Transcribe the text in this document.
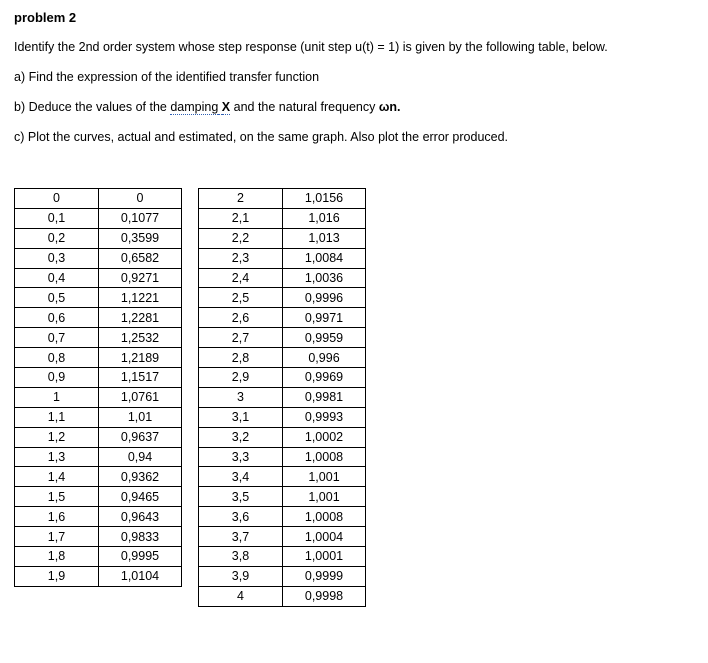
problem 2
Identify the 2nd order system whose step response (unit step u(t) = 1) is given by the following table, below.
a) Find the expression of the identified transfer function
b) Deduce the values of the damping X and the natural frequency ωn.
c) Plot the curves, actual and estimated, on the same graph. Also plot the error produced.
0	0
0,1	0,1077
0,2	0,3599
0,3	0,6582
0,4	0,9271
0,5	1,1221
0,6	1,2281
0,7	1,2532
0,8	1,2189
0,9	1,1517
1	1,0761
1,1	1,01
1,2	0,9637
1,3	0,94
1,4	0,9362
1,5	0,9465
1,6	0,9643
1,7	0,9833
1,8	0,9995
1,9	1,0104
2	1,0156
2,1	1,016
2,2	1,013
2,3	1,0084
2,4	1,0036
2,5	0,9996
2,6	0,9971
2,7	0,9959
2,8	0,996
2,9	0,9969
3	0,9981
3,1	0,9993
3,2	1,0002
3,3	1,0008
3,4	1,001
3,5	1,001
3,6	1,0008
3,7	1,0004
3,8	1,0001
3,9	0,9999
4	0,9998
